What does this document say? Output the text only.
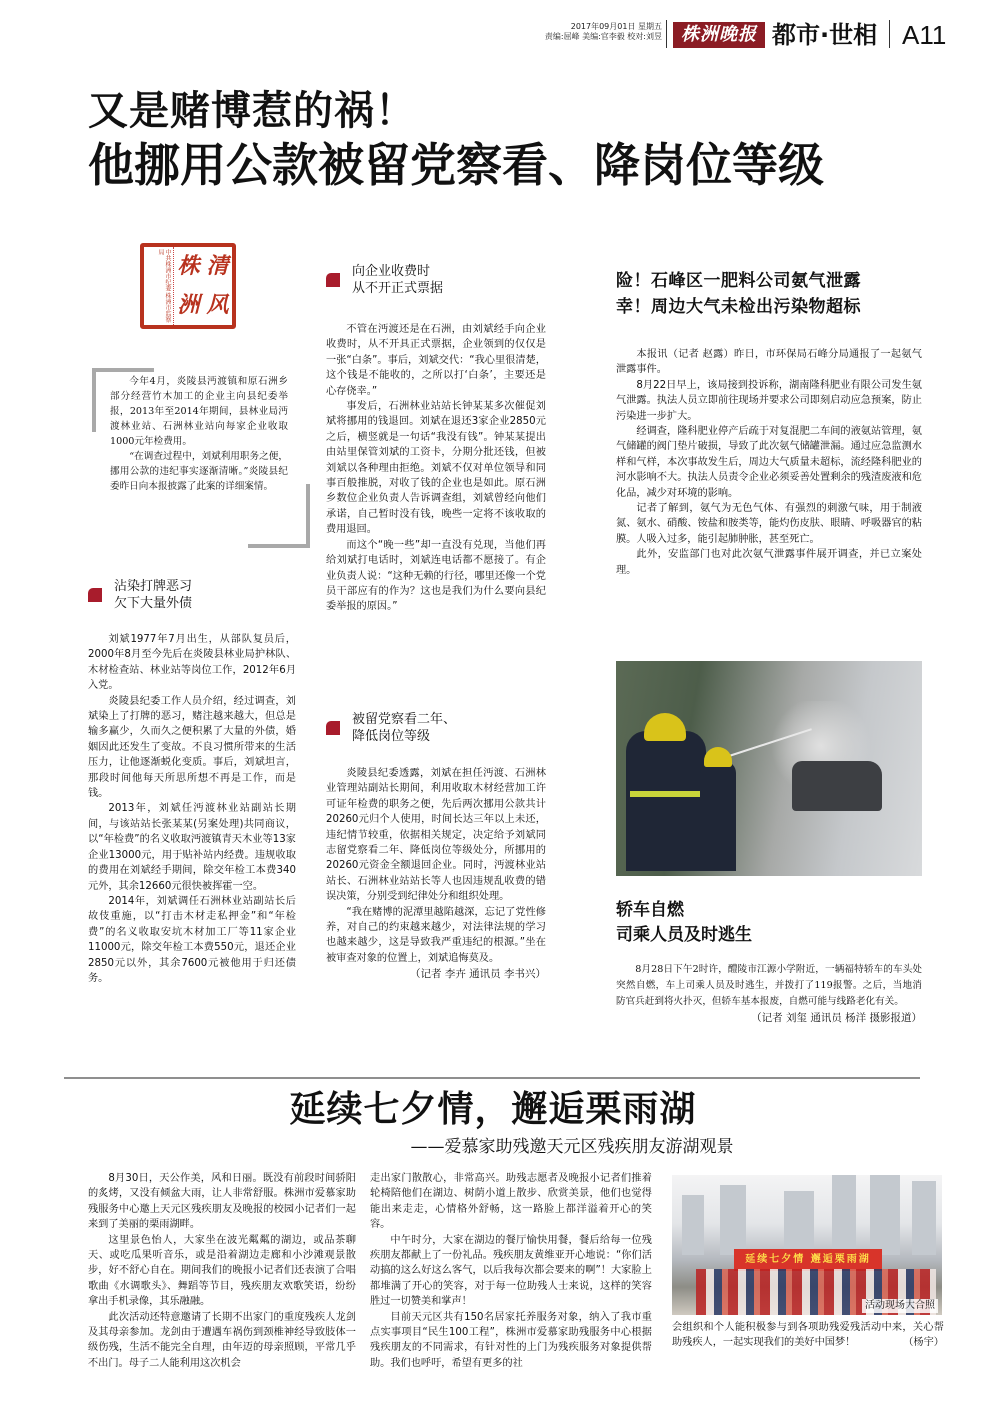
2017年09月01日 星期五
责编:屈峰 美编:官李毅 校对:刘昱	株洲晚报 都市·世相 A11
又是赌博惹的祸！
他挪用公款被留党察看、降岗位等级
中共株洲市纪委 株洲市监察局
株 清
洲 风

今年4月，炎陵县沔渡镇和原石洲乡部分经营竹木加工的企业主向县纪委举报，2013年至2014年期间，县林业局沔渡林业站、石洲林业站向每家企业收取1000元年检费用。

“在调查过程中，刘斌利用职务之便，挪用公款的违纪事实逐渐清晰。”炎陵县纪委昨日向本报披露了此案的详细案情。

沾染打牌恶习
欠下大量外债

刘斌1977年7月出生，从部队复员后，2000年8月至今先后在炎陵县林业局护林队、木材检查站、林业站等岗位工作，2012年6月入党。

炎陵县纪委工作人员介绍，经过调查，刘斌染上了打牌的恶习，赌注越来越大，但总是输多赢少，久而久之便积累了大量的外债，婚姻因此还发生了变故。不良习惯所带来的生活压力，让他逐渐蜕化变质。事后，刘斌坦言，那段时间他每天所思所想不再是工作，而是钱。

2013年，刘斌任沔渡林业站副站长期间，与该站站长张某某(另案处理)共同商议，以“年检费”的名义收取沔渡镇青天木业等13家企业13000元，用于贴补站内经费。违规收取的费用在刘斌经手期间，除交年检工本费340元外，其余12660元很快被挥霍一空。

2014年，刘斌调任石洲林业站副站长后故伎重施，以“打击木材走私押金”和“年检费”的名义收取安坑木材加工厂等11家企业11000元，除交年检工本费550元，退还企业2850元以外，其余7600元被他用于归还债务。

向企业收费时
从不开正式票据

不管在沔渡还是在石洲，由刘斌经手向企业收费时，从不开具正式票据，企业领到的仅仅是一张“白条”。事后，刘斌交代：“我心里很清楚，这个钱是不能收的，之所以打‘白条’，主要还是心存侥幸。”

事发后，石洲林业站站长钟某某多次催促刘斌将挪用的钱退回。刘斌在退还3家企业2850元之后，横竖就是一句话“我没有钱”。钟某某提出由站里保管刘斌的工资卡，分期分批还钱，但被刘斌以各种理由拒绝。刘斌不仅对单位领导和同事百般推脱，对收了钱的企业也是如此。原石洲乡数位企业负责人告诉调查组，刘斌曾经向他们承诺，自己暂时没有钱，晚些一定将不该收取的费用退回。

而这个“晚一些”却一直没有兑现，当他们再给刘斌打电话时，刘斌连电话都不愿接了。有企业负责人说：“这种无赖的行径，哪里还像一个党员干部应有的作为？这也是我们为什么要向县纪委举报的原因。”

被留党察看二年、
降低岗位等级

炎陵县纪委透露，刘斌在担任沔渡、石洲林业管理站副站长期间，利用收取木材经营加工许可证年检费的职务之便，先后两次挪用公款共计20260元归个人使用，时间长达三年以上未还，违纪情节较重，依据相关规定，决定给予刘斌同志留党察看二年、降低岗位等级处分，所挪用的20260元资金全额退回企业。同时，沔渡林业站站长、石洲林业站站长等人也因违规乱收费的错误决策，分别受到纪律处分和组织处理。

“我在赌博的泥潭里越陷越深，忘记了党性修养，对自己的约束越来越少，对法律法规的学习也越来越少，这是导致我严重违纪的根源。”坐在被审查对象的位置上，刘斌追悔莫及。

（记者 李卉 通讯员 李书兴）
险！石峰区一肥料公司氨气泄露
幸！周边大气未检出污染物超标

本报讯（记者 赵露）昨日，市环保局石峰分局通报了一起氨气泄露事件。

8月22日早上，该局接到投诉称，湖南隆科肥业有限公司发生氨气泄露。执法人员立即前往现场并要求公司即刻启动应急预案，防止污染进一步扩大。

经调查，隆科肥业停产后疏于对复混肥二车间的液氨站管理，氨气储罐的阀门垫片破损，导致了此次氨气储罐泄漏。通过应急监测水样和气样，本次事故发生后，周边大气质量未超标，流经隆科肥业的河水影响不大。执法人员责令企业必须妥善处置剩余的残渣废液和危化品，减少对环境的影响。

记者了解到，氨气为无色气体、有强烈的刺激气味，用于制液氮、氨水、硝酸、铵盐和胺类等，能灼伤皮肤、眼睛、呼吸器官的粘膜。人吸入过多，能引起肺肿胀，甚至死亡。

此外，安监部门也对此次氨气泄露事件展开调查，并已立案处理。

轿车自燃
司乘人员及时逃生

8月28日下午2时许，醴陵市江源小学附近，一辆福特轿车的车头处突然自燃，车上司乘人员及时逃生，并拨打了119报警。之后，当地消防官兵赶到将火扑灭，但轿车基本报废，自燃可能与线路老化有关。

（记者 刘玺 通讯员 杨洋 摄影报道）
延续七夕情，邂逅栗雨湖
——爱慕家助残邀天元区残疾朋友游湖观景

8月30日，天公作美，风和日丽。既没有前段时间骄阳的炙烤，又没有倾盆大雨，让人非常舒服。株洲市爱慕家助残服务中心邀上天元区残疾朋友及晚报的校园小记者们一起来到了美丽的栗雨湖畔。

这里景色怡人，大家坐在波光粼粼的湖边，或品茶聊天、或吃瓜果听音乐，或是沿着湖边走廊和小沙滩观景散步，好不舒心自在。期间我们的晚报小记者们还表演了合唱歌曲《水调歌头》、舞蹈等节目，残疾朋友欢歌笑语，纷纷拿出手机录像，其乐融融。

此次活动还特意邀请了长期不出家门的重度残疾人龙剑及其母亲参加。龙剑由于遭遇车祸伤到颈椎神经导致肢体一级伤残，生活不能完全自理，由年迈的母亲照顾，平常几乎不出门。母子二人能利用这次机会

走出家门散散心，非常高兴。助残志愿者及晚报小记者们推着轮椅陪他们在湖边、树荫小道上散步、欣赏美景，他们也觉得能出来走走，心情格外舒畅，这一路脸上都洋溢着开心的笑容。

中午时分，大家在湖边的餐厅愉快用餐，餐后给每一位残疾朋友都献上了一份礼品。残疾朋友黄维亚开心地说：“你们活动搞的这么好这么客气，以后我每次都会要来的啊”！大家脸上都堆满了开心的笑容，对于每一位助残人士来说，这样的笑容胜过一切赞美和掌声！

目前天元区共有150名居家托养服务对象，纳入了我市重点实事项目“民生100工程”，株洲市爱慕家助残服务中心根据残疾朋友的不同需求，有针对性的上门为残疾服务对象提供帮助。我们也呼吁，希望有更多的社

延续七夕情 邂逅栗雨湖
活动现场大合照

会组织和个人能积极参与到各项助残爱残活动中来，关心帮助残疾人，一起实现我们的美好中国梦！	（杨宇）
